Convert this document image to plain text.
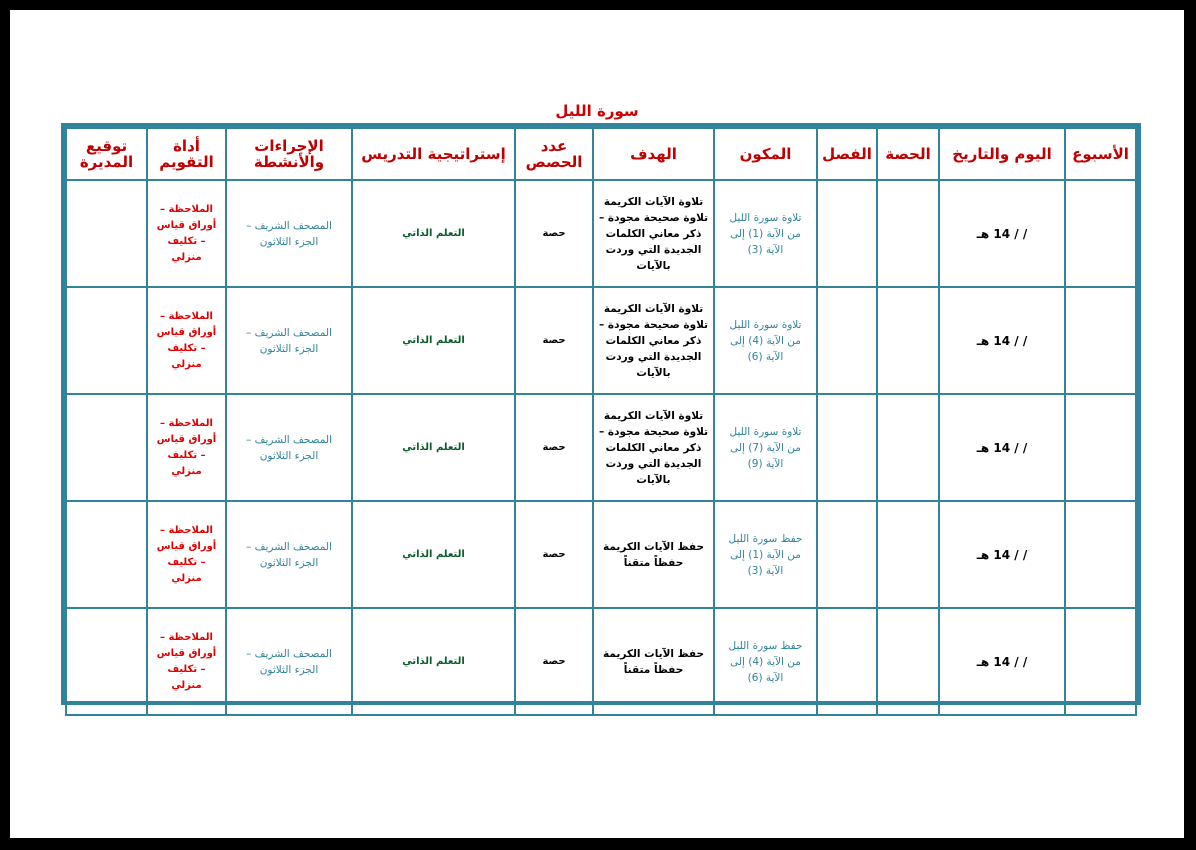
سورة الليل
الأسبوع	اليوم والتاريخ	الحصة	الفصل	المكون	الهدف	عدد الحصص	إستراتيجية التدريس	الإجراءات والأنشطة	أداة التقويم	توقيع المديرة
	/ / 14 هـ			تلاوة سورة الليل
من الآية (1) إلى
الآية (3)	تلاوة الآيات الكريمة
تلاوة صحيحة مجودة –
ذكر معاني الكلمات
الجديدة التي وردت
بالآيات	حصة	التعلم الذاتي	المصحف الشريف –
الجزء الثلاثون	الملاحظة –
أوراق قياس
– تكليف
منزلي	
	/ / 14 هـ			تلاوة سورة الليل
من الآية (4) إلى
الآية (6)	تلاوة الآيات الكريمة
تلاوة صحيحة مجودة –
ذكر معاني الكلمات
الجديدة التي وردت
بالآيات	حصة	التعلم الذاتي	المصحف الشريف –
الجزء الثلاثون	الملاحظة –
أوراق قياس
– تكليف
منزلي	
	/ / 14 هـ			تلاوة سورة الليل
من الآية (7) إلى
الآية (9)	تلاوة الآيات الكريمة
تلاوة صحيحة مجودة –
ذكر معاني الكلمات
الجديدة التي وردت
بالآيات	حصة	التعلم الذاتي	المصحف الشريف –
الجزء الثلاثون	الملاحظة –
أوراق قياس
– تكليف
منزلي	
	/ / 14 هـ			حفظ سورة الليل
من الآية (1) إلى
الآية (3)	حفظ الآيات الكريمة
حفظاً متقناً	حصة	التعلم الذاتي	المصحف الشريف –
الجزء الثلاثون	الملاحظة –
أوراق قياس
– تكليف
منزلي	
	/ / 14 هـ			حفظ سورة الليل
من الآية (4) إلى
الآية (6)	حفظ الآيات الكريمة
حفظاً متقناً	حصة	التعلم الذاتي	المصحف الشريف –
الجزء الثلاثون	الملاحظة –
أوراق قياس
– تكليف
منزلي	
